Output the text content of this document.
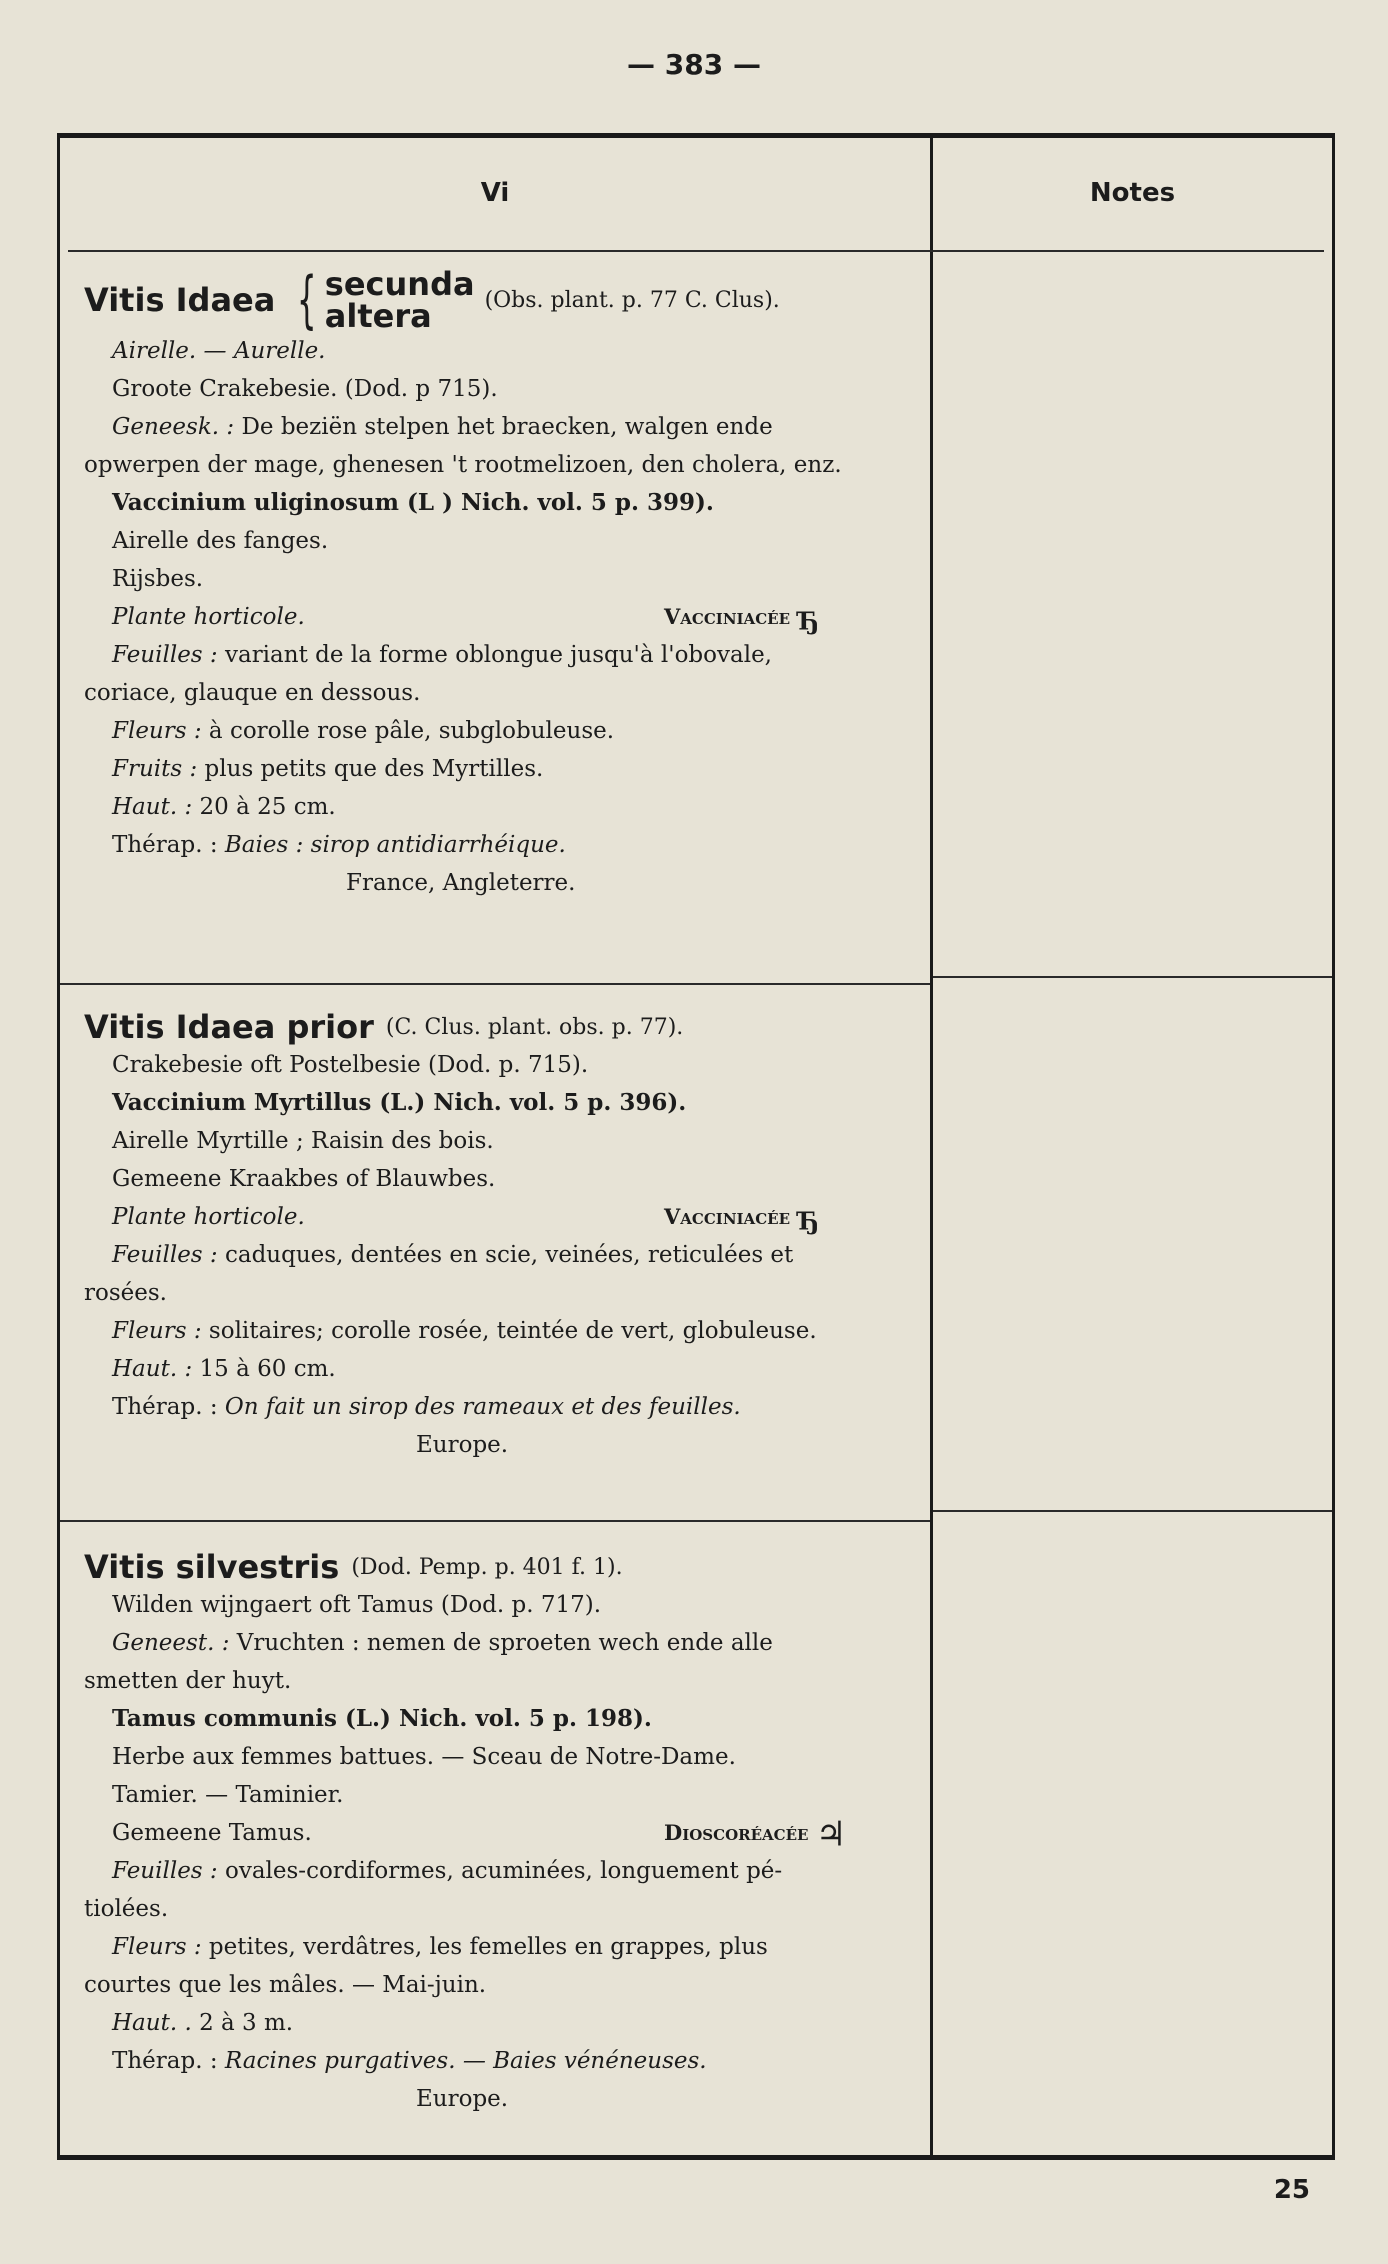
— 383 —
Vi	Notes
Vitis Idaea { secunda
altera	(Obs. plant. p. 77 C. Clus).
Airelle. — Aurelle.
Groote Crakebesie. (Dod. p 715).
Geneesk. : De beziën stelpen het braecken, walgen ende
opwerpen der mage, ghenesen 't rootmelizoen, den cholera, enz.
Vaccinium uliginosum (L ) Nich. vol. 5 p. 399).
Airelle des fanges.
Rijsbes.
Plante horticole.	Vacciniacée ђ
Feuilles : variant de la forme oblongue jusqu'à l'obovale,
coriace, glauque en dessous.
Fleurs : à corolle rose pâle, subglobuleuse.
Fruits : plus petits que des Myrtilles.
Haut. : 20 à 25 cm.
Thérap. : Baies : sirop antidiarrhéique.
France, Angleterre.
Vitis Idaea prior (C. Clus. plant. obs. p. 77).
Crakebesie oft Postelbesie (Dod. p. 715).
Vaccinium Myrtillus (L.) Nich. vol. 5 p. 396).
Airelle Myrtille ; Raisin des bois.
Gemeene Kraakbes of Blauwbes.
Plante horticole.	Vacciniacée ђ
Feuilles : caduques, dentées en scie, veinées, reticulées et
rosées.
Fleurs : solitaires; corolle rosée, teintée de vert, globuleuse.
Haut. : 15 à 60 cm.
Thérap. : On fait un sirop des rameaux et des feuilles.
Europe.
Vitis silvestris (Dod. Pemp. p. 401 f. 1).
Wilden wijngaert oft Tamus (Dod. p. 717).
Geneest. : Vruchten : nemen de sproeten wech ende alle
smetten der huyt.
Tamus communis (L.) Nich. vol. 5 p. 198).
Herbe aux femmes battues. — Sceau de Notre-Dame.
Tamier. — Taminier.
Gemeene Tamus.	Dioscoréacée ♃
Feuilles : ovales-cordiformes, acuminées, longuement pé-
tiolées.
Fleurs : petites, verdâtres, les femelles en grappes, plus
courtes que les mâles. — Mai-juin.
Haut. . 2 à 3 m.
Thérap. : Racines purgatives. — Baies vénéneuses.
Europe.
25
